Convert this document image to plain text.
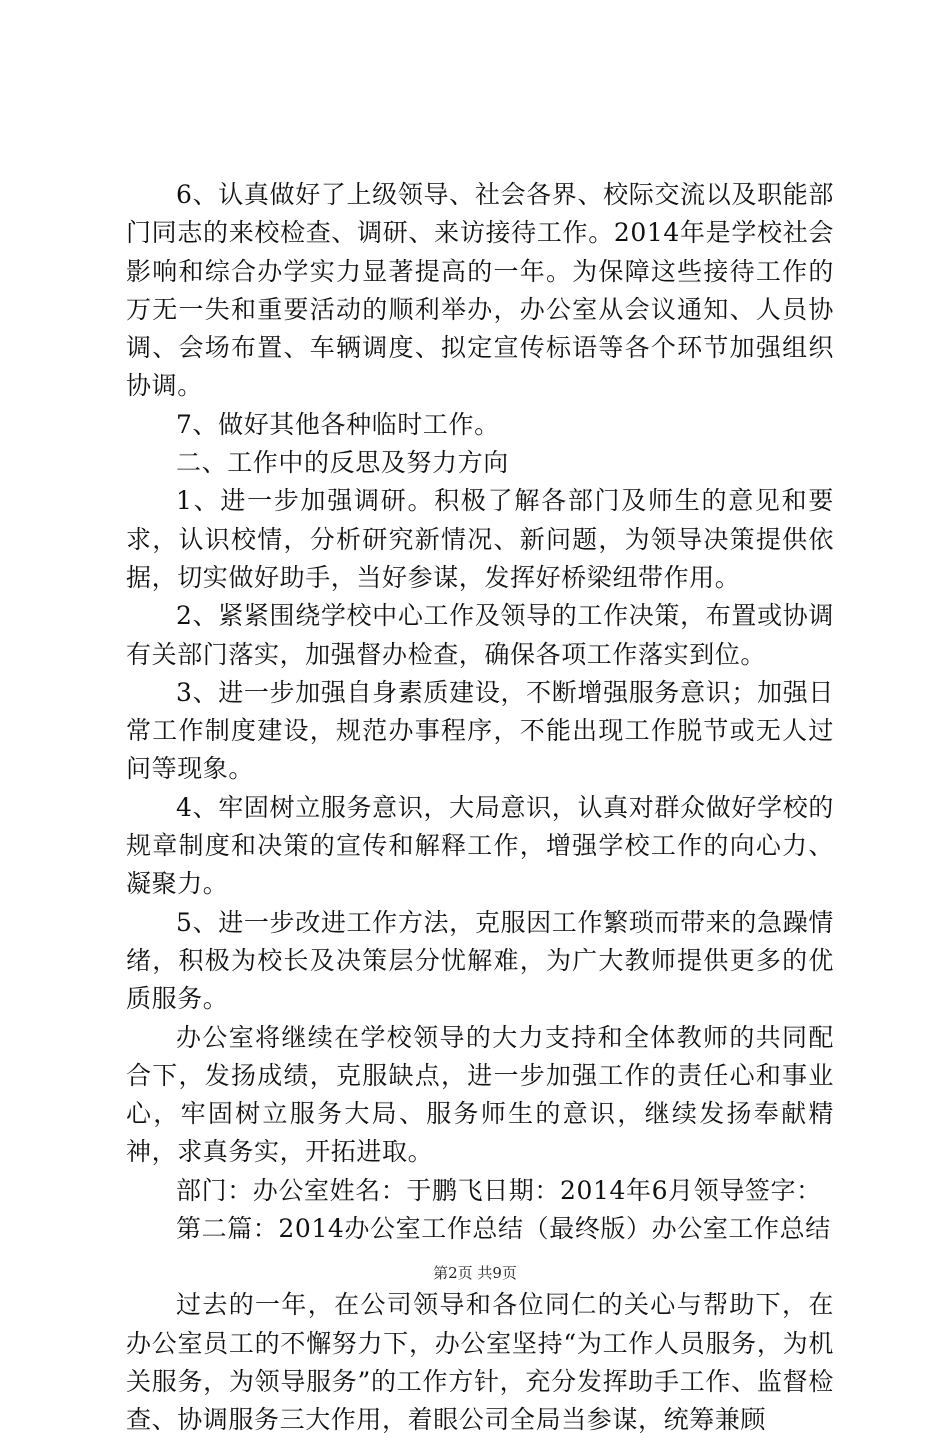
6、认真做好了上级领导、社会各界、校际交流以及职能部门同志的来校检查、调研、来访接待工作。2014年是学校社会影响和综合办学实力显著提高的一年。为保障这些接待工作的万无一失和重要活动的顺利举办，办公室从会议通知、人员协调、会场布置、车辆调度、拟定宣传标语等各个环节加强组织协调。

7、做好其他各种临时工作。

二、工作中的反思及努力方向

1、进一步加强调研。积极了解各部门及师生的意见和要求，认识校情，分析研究新情况、新问题，为领导决策提供依据，切实做好助手，当好参谋，发挥好桥梁纽带作用。

2、紧紧围绕学校中心工作及领导的工作决策，布置或协调有关部门落实，加强督办检查，确保各项工作落实到位。

3、进一步加强自身素质建设，不断增强服务意识；加强日常工作制度建设，规范办事程序，不能出现工作脱节或无人过问等现象。

4、牢固树立服务意识，大局意识，认真对群众做好学校的规章制度和决策的宣传和解释工作，增强学校工作的向心力、凝聚力。

5、进一步改进工作方法，克服因工作繁琐而带来的急躁情绪，积极为校长及决策层分忧解难，为广大教师提供更多的优质服务。

办公室将继续在学校领导的大力支持和全体教师的共同配合下，发扬成绩，克服缺点，进一步加强工作的责任心和事业心，牢固树立服务大局、服务师生的意识，继续发扬奉献精神，求真务实，开拓进取。

部门：办公室姓名：于鹏飞日期：2014年6月领导签字：

第二篇：2014办公室工作总结（最终版）办公室工作总结

过去的一年，在公司领导和各位同仁的关心与帮助下，在办公室员工的不懈努力下，办公室坚持“为工作人员服务，为机关服务，为领导服务”的工作方针，充分发挥助手工作、监督检查、协调服务三大作用，着眼公司全局当参谋，统筹兼顾

第2页 共9页
